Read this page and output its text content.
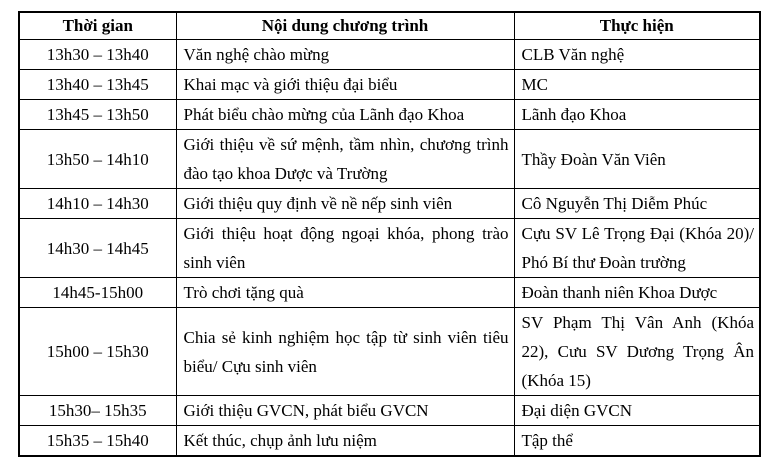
Thời gian	Nội dung chương trình	Thực hiện
13h30 – 13h40	Văn nghệ chào mừng	CLB Văn nghệ
13h40 – 13h45	Khai mạc và giới thiệu đại biểu	MC
13h45 – 13h50	Phát biểu chào mừng của Lãnh đạo Khoa	Lãnh đạo Khoa
13h50 – 14h10	Giới thiệu về sứ mệnh, tầm nhìn, chương trình đào tạo khoa Dược và Trường	Thầy Đoàn Văn Viên
14h10 – 14h30	Giới thiệu quy định về nề nếp sinh viên	Cô Nguyễn Thị Diễm Phúc
14h30 – 14h45	Giới thiệu hoạt động ngoại khóa, phong trào sinh viên	Cựu SV Lê Trọng Đại (Khóa 20)/ Phó Bí thư Đoàn trường
14h45-15h00	Trò chơi tặng quà	Đoàn thanh niên Khoa Dược
15h00 – 15h30	Chia sẻ kinh nghiệm học tập từ sinh viên tiêu biểu/ Cựu sinh viên	SV Phạm Thị Vân Anh (Khóa 22), Cưu SV Dương Trọng Ân (Khóa 15)
15h30– 15h35	Giới thiệu GVCN, phát biểu GVCN	Đại diện GVCN
15h35 – 15h40	Kết thúc, chụp ảnh lưu niệm	Tập thể
